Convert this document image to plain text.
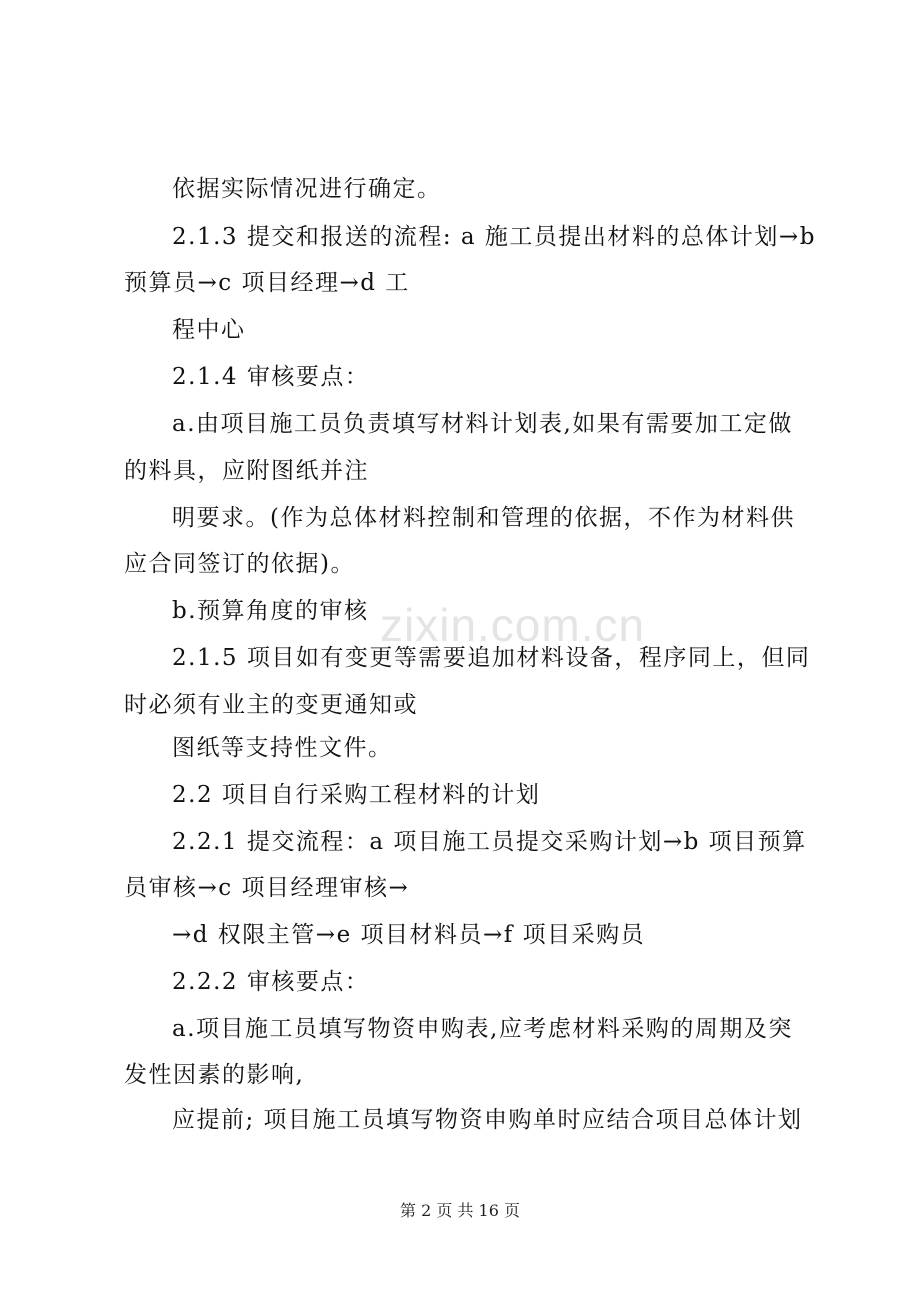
zixin.com.cn
依据实际情况进行确定。
2.1.3 提交和报送的流程: a 施工员提出材料的总体计划→b
预算员→c 项目经理→d 工
程中心
2.1.4 审核要点：
a.由项目施工员负责填写材料计划表,如果有需要加工定做
的料具，应附图纸并注
明要求。(作为总体材料控制和管理的依据，不作为材料供
应合同签订的依据)。
b.预算角度的审核
2.1.5 项目如有变更等需要追加材料设备，程序同上，但同
时必须有业主的变更通知或
图纸等支持性文件。
2.2 项目自行采购工程材料的计划
2.2.1 提交流程：a 项目施工员提交采购计划→b 项目预算
员审核→c 项目经理审核→
→d 权限主管→e 项目材料员→f 项目采购员
2.2.2 审核要点：
a.项目施工员填写物资申购表,应考虑材料采购的周期及突
发性因素的影响,
应提前; 项目施工员填写物资申购单时应结合项目总体计划
第 2 页 共 16 页
